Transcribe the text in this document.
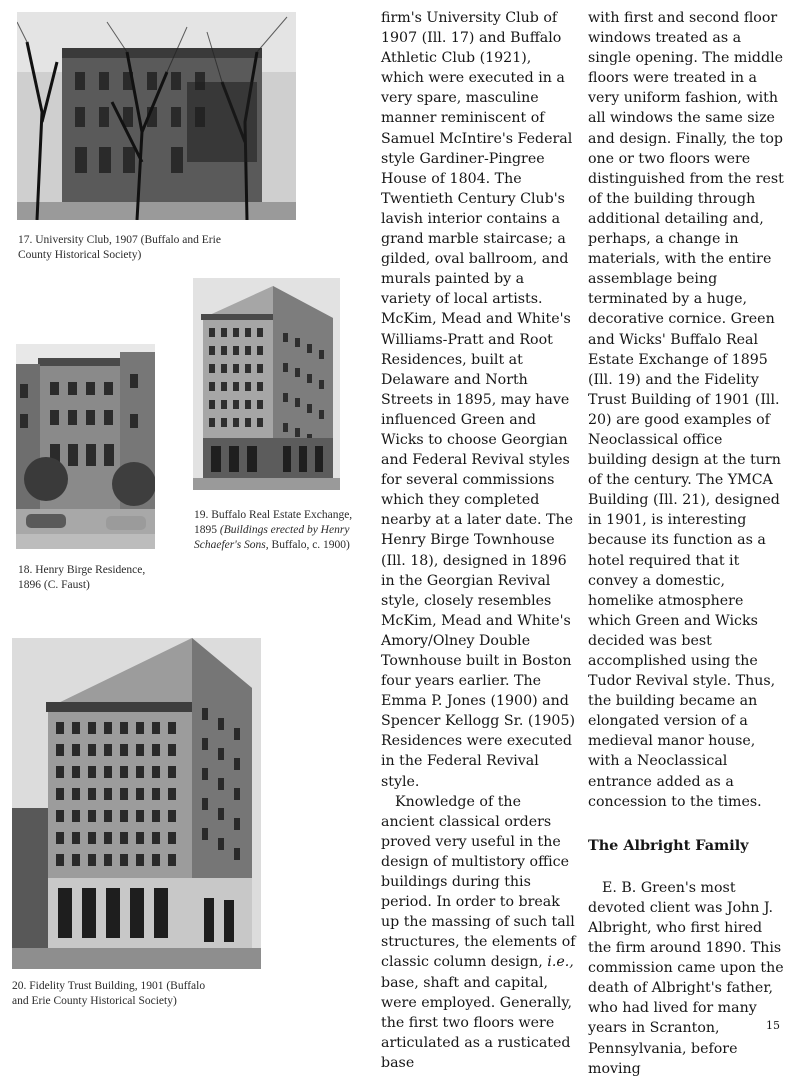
17. University Club, 1907 (Buffalo and Erie County Historical Society)
18. Henry Birge Residence, 1896 (C. Faust)
19. Buffalo Real Estate Exchange, 1895 (Buildings erected by Henry Schaefer's Sons, Buffalo, c. 1900)
20. Fidelity Trust Building, 1901 (Buffalo and Erie County Historical Society)

firm's University Club of 1907 (Ill. 17) and Buffalo Athletic Club (1921), which were executed in a very spare, masculine manner reminiscent of Samuel McIntire's Federal style Gardiner-Pingree House of 1804. The Twentieth Century Club's lavish interior contains a grand marble staircase; a gilded, oval ballroom, and murals painted by a variety of local artists. McKim, Mead and White's Williams-Pratt and Root Residences, built at Delaware and North Streets in 1895, may have influenced Green and Wicks to choose Georgian and Federal Revival styles for several commissions which they completed nearby at a later date. The Henry Birge Townhouse (Ill. 18), designed in 1896 in the Georgian Revival style, closely resembles McKim, Mead and White's Amory/Olney Double Townhouse built in Boston four years earlier. The Emma P. Jones (1900) and Spencer Kellogg Sr. (1905) Residences were executed in the Federal Revival style.

Knowledge of the ancient classical orders proved very useful in the design of multistory office buildings during this period. In order to break up the massing of such tall structures, the elements of classic column design, i.e., base, shaft and capital, were employed. Generally, the first two floors were articulated as a rusticated base

with first and second floor windows treated as a single opening. The middle floors were treated in a very uniform fashion, with all windows the same size and design. Finally, the top one or two floors were distinguished from the rest of the building through additional detailing and, perhaps, a change in materials, with the entire assemblage being terminated by a huge, decorative cornice. Green and Wicks' Buffalo Real Estate Exchange of 1895 (Ill. 19) and the Fidelity Trust Building of 1901 (Ill. 20) are good examples of Neoclassical office building design at the turn of the century. The YMCA Building (Ill. 21), designed in 1901, is interesting because its function as a hotel required that it convey a domestic, homelike atmosphere which Green and Wicks decided was best accomplished using the Tudor Revival style. Thus, the building became an elongated version of a medieval manor house, with a Neoclassical entrance added as a concession to the times.

The Albright Family

E. B. Green's most devoted client was John J. Albright, who first hired the firm around 1890. This commission came upon the death of Albright's father, who had lived for many years in Scranton, Pennsylvania, before moving

15
